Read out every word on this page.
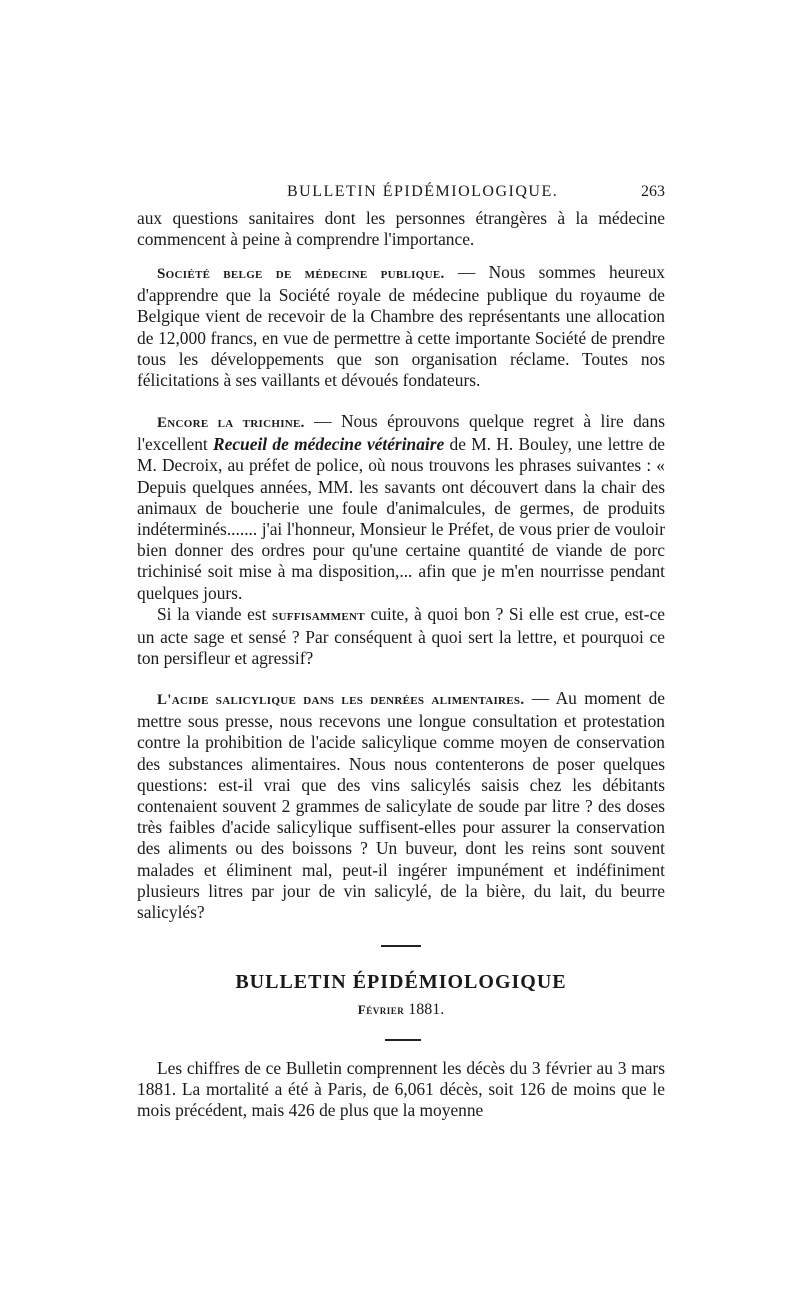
BULLETIN ÉPIDÉMIOLOGIQUE.	263

aux questions sanitaires dont les personnes étrangères à la médecine commencent à peine à comprendre l'importance.

Société belge de médecine publique. — Nous sommes heureux d'apprendre que la Société royale de médecine publique du royaume de Belgique vient de recevoir de la Chambre des représentants une allocation de 12,000 francs, en vue de permettre à cette importante Société de prendre tous les développements que son organisation réclame. Toutes nos félicitations à ses vaillants et dévoués fondateurs.

Encore la trichine. — Nous éprouvons quelque regret à lire dans l'excellent Recueil de médecine vétérinaire de M. H. Bouley, une lettre de M. Decroix, au préfet de police, où nous trouvons les phrases suivantes : « Depuis quelques années, MM. les savants ont découvert dans la chair des animaux de boucherie une foule d'animalcules, de germes, de produits indéterminés....... j'ai l'honneur, Monsieur le Préfet, de vous prier de vouloir bien donner des ordres pour qu'une certaine quantité de viande de porc trichinisé soit mise à ma disposition,... afin que je m'en nourrisse pendant quelques jours.

Si la viande est suffisamment cuite, à quoi bon ? Si elle est crue, est-ce un acte sage et sensé ? Par conséquent à quoi sert la lettre, et pourquoi ce ton persifleur et agressif?

L'acide salicylique dans les denrées alimentaires. — Au moment de mettre sous presse, nous recevons une longue consultation et protestation contre la prohibition de l'acide salicylique comme moyen de conservation des substances alimentaires. Nous nous contenterons de poser quelques questions: est-il vrai que des vins salicylés saisis chez les débitants contenaient souvent 2 grammes de salicylate de soude par litre ? des doses très faibles d'acide salicylique suffisent-elles pour assurer la conservation des aliments ou des boissons ? Un buveur, dont les reins sont souvent malades et éliminent mal, peut-il ingérer impunément et indéfiniment plusieurs litres par jour de vin salicylé, de la bière, du lait, du beurre salicylés?

BULLETIN ÉPIDÉMIOLOGIQUE
Février 1881.

Les chiffres de ce Bulletin comprennent les décès du 3 février au 3 mars 1881. La mortalité a été à Paris, de 6,061 décès, soit 126 de moins que le mois précédent, mais 426 de plus que la moyenne
